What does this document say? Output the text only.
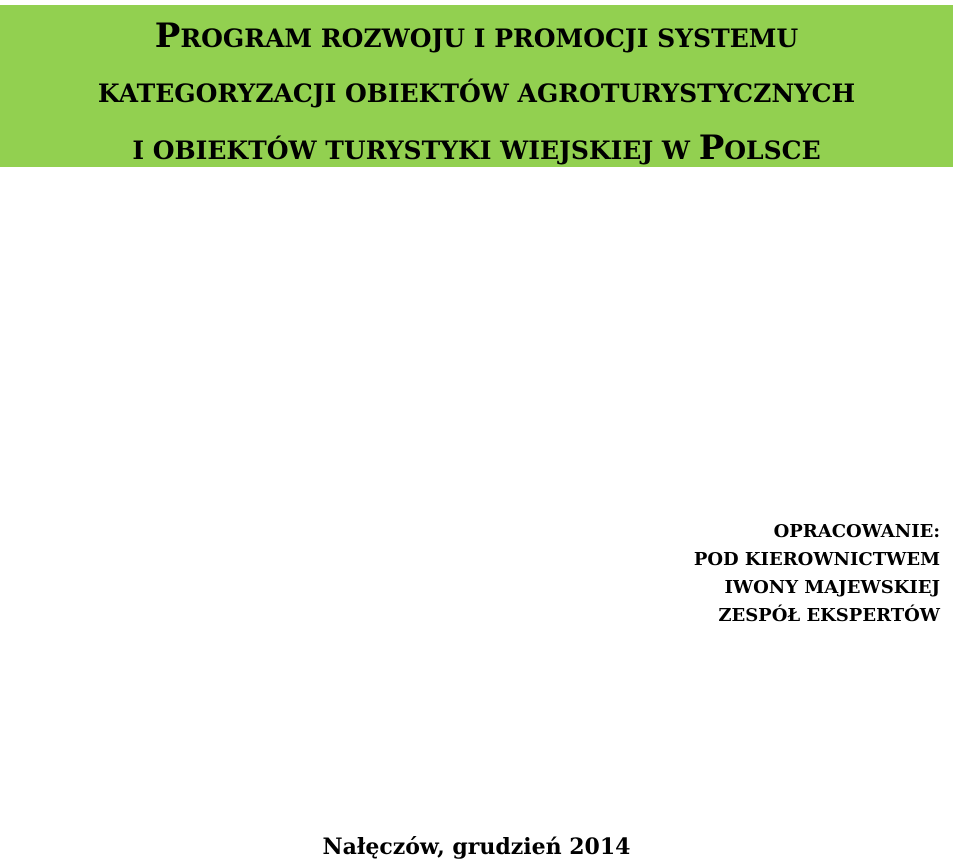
PROGRAM ROZWOJU I PROMOCJI SYSTEMU
KATEGORYZACJI OBIEKTÓW AGROTURYSTYCZNYCH
I OBIEKTÓW TURYSTYKI WIEJSKIEJ W POLSCE
OPRACOWANIE:
POD KIEROWNICTWEM
IWONY MAJEWSKIEJ
ZESPÓŁ EKSPERTÓW
Nałęczów, grudzień 2014
